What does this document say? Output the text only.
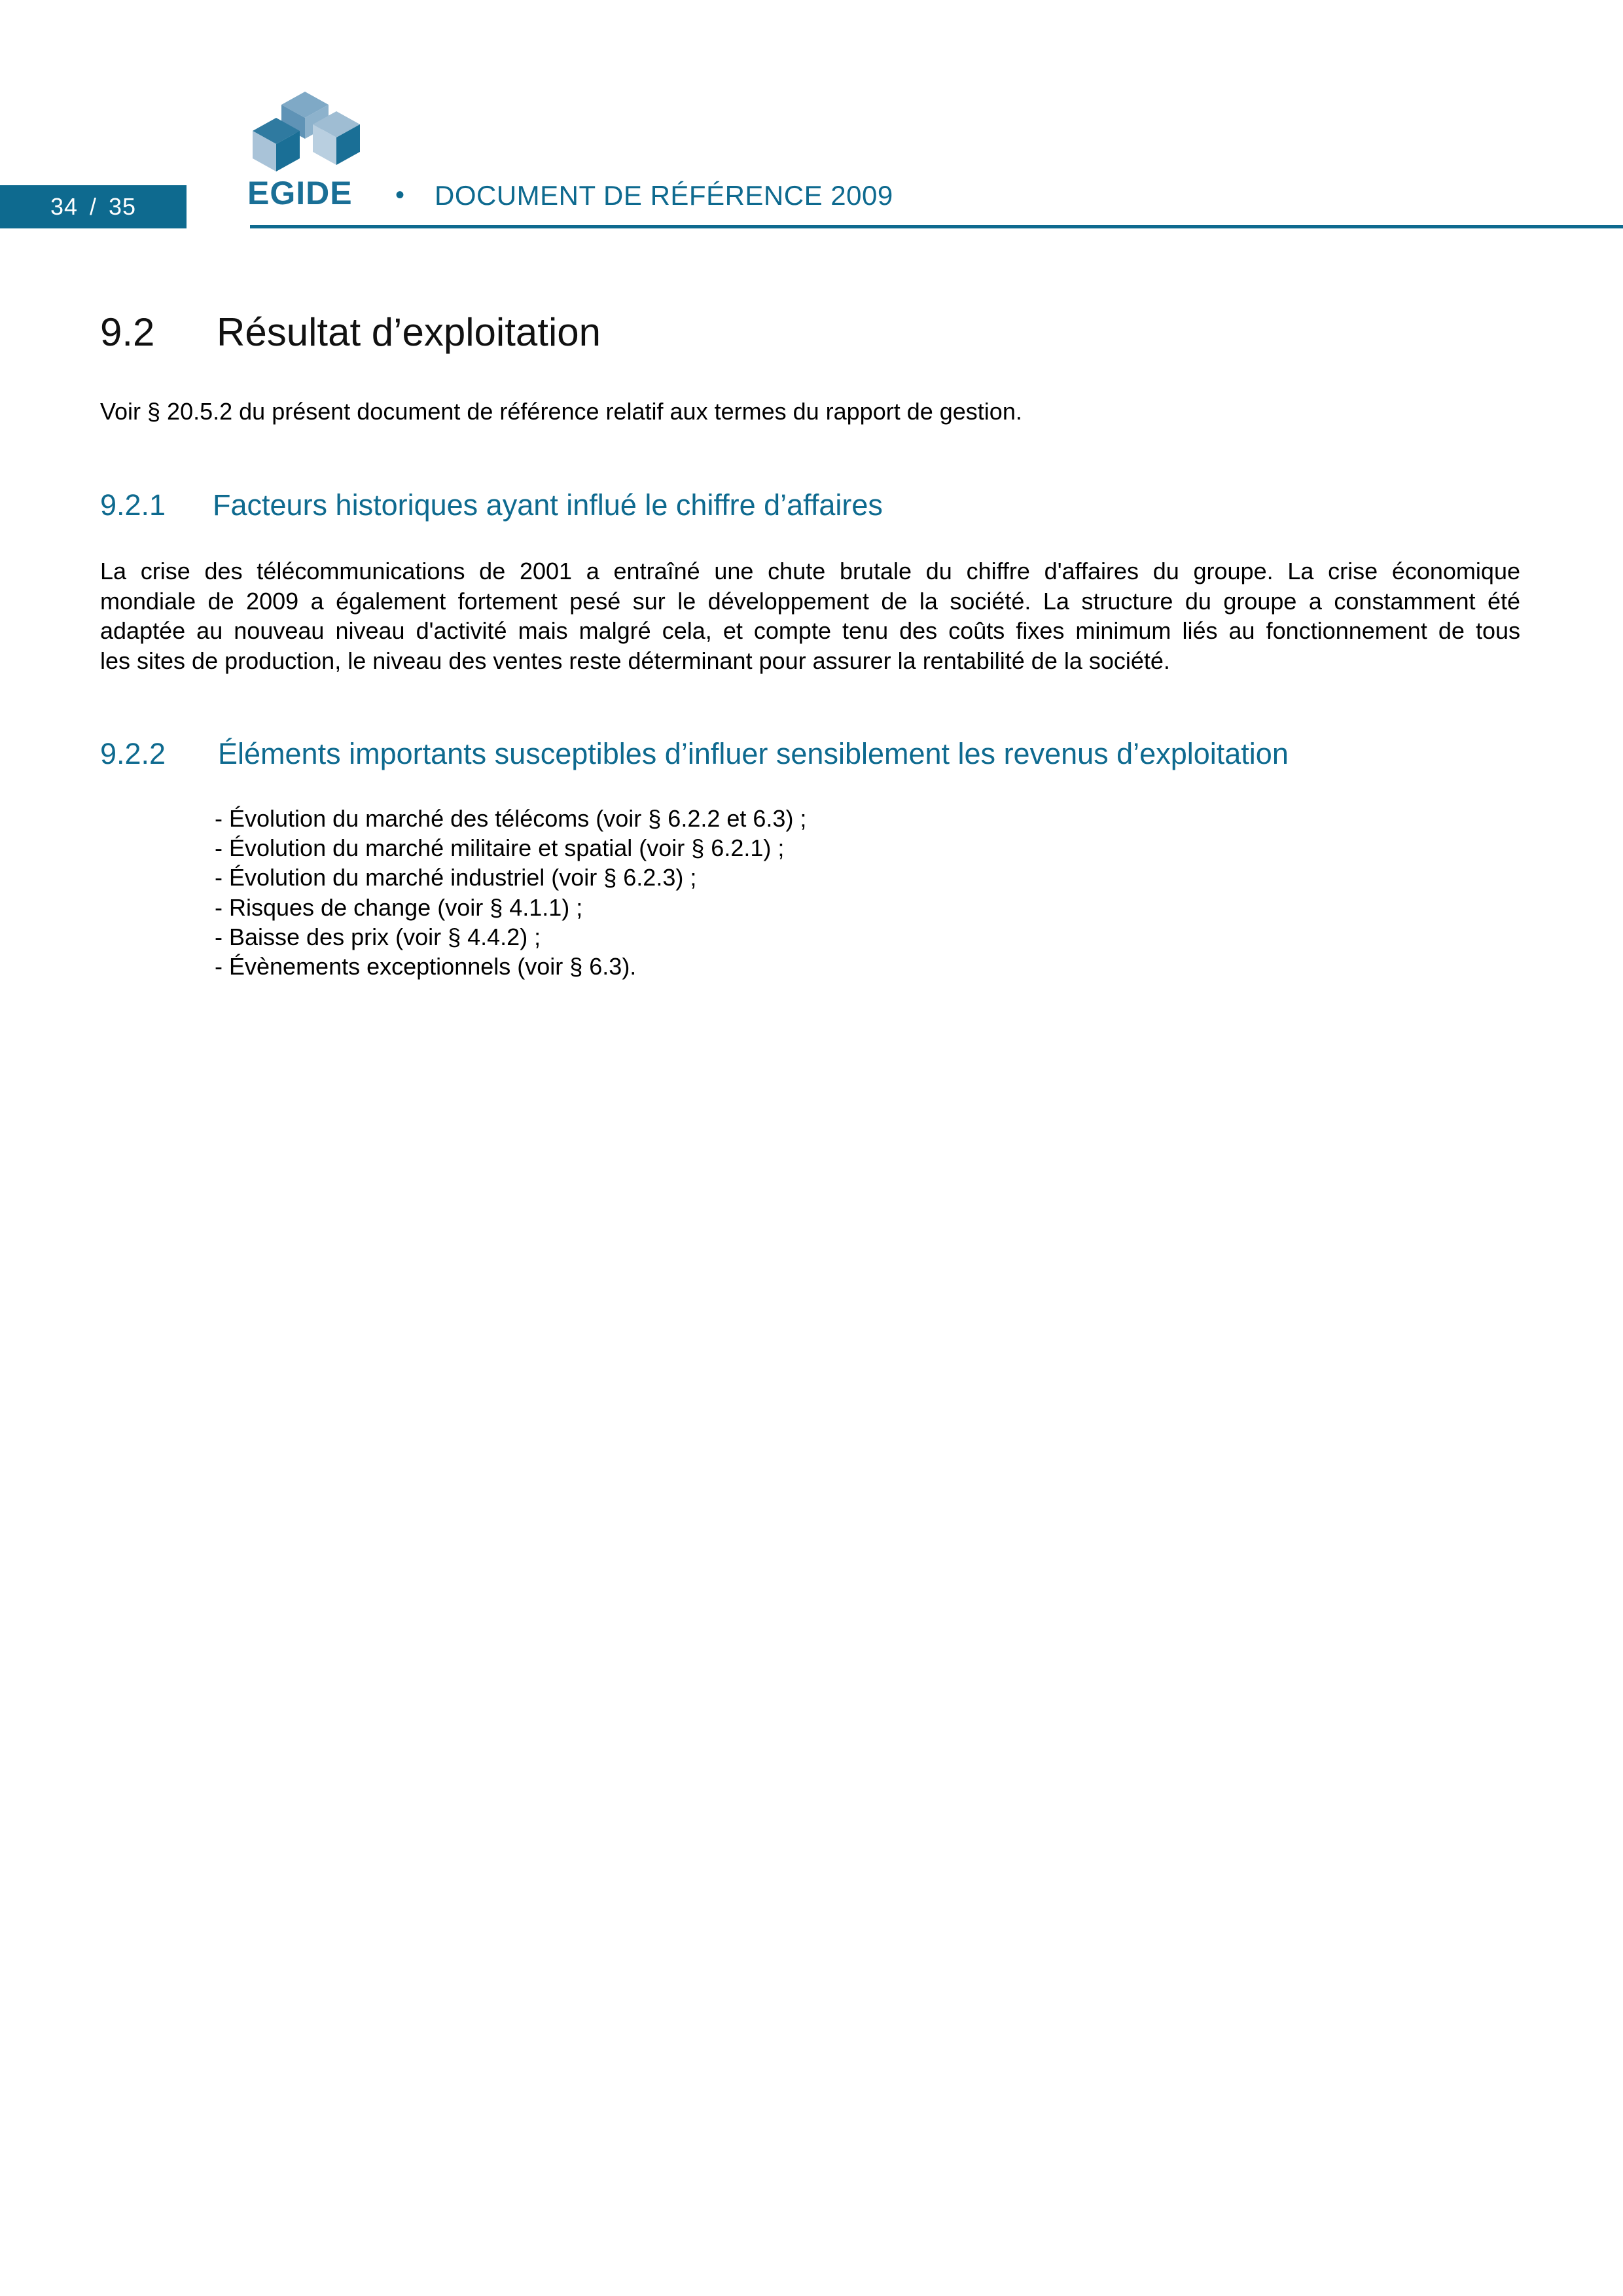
34 / 35	EGIDE • DOCUMENT DE RÉFÉRENCE 2009
9.2 Résultat d’exploitation
Voir § 20.5.2 du présent document de référence relatif aux termes du rapport de gestion.
9.2.1 Facteurs historiques ayant influé le chiffre d’affaires
La crise des télécommunications de 2001 a entraîné une chute brutale du chiffre d'affaires du groupe. La crise économique
mondiale de 2009 a également fortement pesé sur le développement de la société. La structure du groupe a constamment été
adaptée au nouveau niveau d'activité mais malgré cela, et compte tenu des coûts fixes minimum liés au fonctionnement de tous
les sites de production, le niveau des ventes reste déterminant pour assurer la rentabilité de la société.
9.2.2 Éléments importants susceptibles d’influer sensiblement les revenus d’exploitation
- Évolution du marché des télécoms (voir § 6.2.2 et 6.3) ;
- Évolution du marché militaire et spatial (voir § 6.2.1) ;
- Évolution du marché industriel (voir § 6.2.3) ;
- Risques de change (voir § 4.1.1) ;
- Baisse des prix (voir § 4.4.2) ;
- Évènements exceptionnels (voir § 6.3).
